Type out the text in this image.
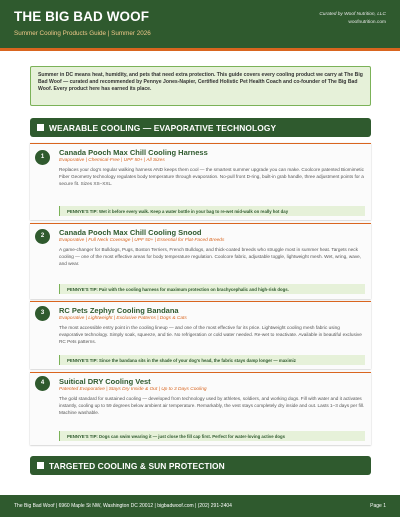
THE BIG BAD WOOF
Summer Cooling Products Guide | Summer 2026
Curated by Woof Nutrition, LLC
woofnutrition.com
Summer in DC means heat, humidity, and pets that need extra protection. This guide covers every cooling product we carry at The Big Bad Woof — curated and recommended by Pennye Jones-Napier, Certified Holistic Pet Health Coach and co-founder of The Big Bad Woof. Every product here has earned its place.
WEARABLE COOLING — EVAPORATIVE TECHNOLOGY
1	Canada Pooch Max Chill Cooling Harness
Evaporative | Chemical-Free | UPF 50+ | All Sizes
Replaces your dog's regular walking harness AND keeps them cool — the smartest summer upgrade you can make. Coolcore patented Biomimetic Fiber Geometry technology regulates body temperature through evaporation. No-pull front D-ring, built-in grab handle, three adjustment points for a secure fit. Sizes XS–XXL.
PENNYE'S TIP: Wet it before every walk. Keep a water bottle in your bag to re-wet mid-walk on really hot day
2	Canada Pooch Max Chill Cooling Snood
Evaporative | Full Neck Coverage | UPF 50+ | Essential for Flat-Faced Breeds
A game-changer for Bulldogs, Pugs, Boston Terriers, French Bulldogs, and thick-coated breeds who struggle most in summer heat. Targets neck cooling — one of the most effective areas for body temperature regulation. Coolcore fabric, adjustable toggle, lightweight mesh. Wet, wring, wave, and wear.
PENNYE'S TIP: Pair with the cooling harness for maximum protection on brachycephalic and high-risk dogs.
3	RC Pets Zephyr Cooling Bandana
Evaporative | Lightweight | Exclusive Patterns | Dogs & Cats
The most accessible entry point in the cooling lineup — and one of the most effective for its price. Lightweight cooling mesh fabric using evaporative technology. Simply soak, squeeze, and tie. No refrigeration or cold water needed. Re-wet to reactivate. Available in beautiful exclusive RC Pets patterns.
PENNYE'S TIP: Since the bandana sits in the shade of your dog's head, the fabric stays damp longer — maximiz
4	Suitical DRY Cooling Vest
Patented Evaporative | Stays Dry Inside & Out | Up to 3 Days Cooling
The gold standard for sustained cooling — developed from technology used by athletes, soldiers, and working dogs. Fill with water and it activates instantly, cooling up to 59 degrees below ambient air temperature. Remarkably, the vest stays completely dry inside and out. Lasts 1–3 days per fill. Machine washable.
PENNYE'S TIP: Dogs can swim wearing it — just close the fill cap first. Perfect for water-loving active dogs
TARGETED COOLING & SUN PROTECTION
The Big Bad Woof | 6960 Maple St NW, Washington DC 20012 | bigbadwoof.com | (202) 291-2404	Page 1
